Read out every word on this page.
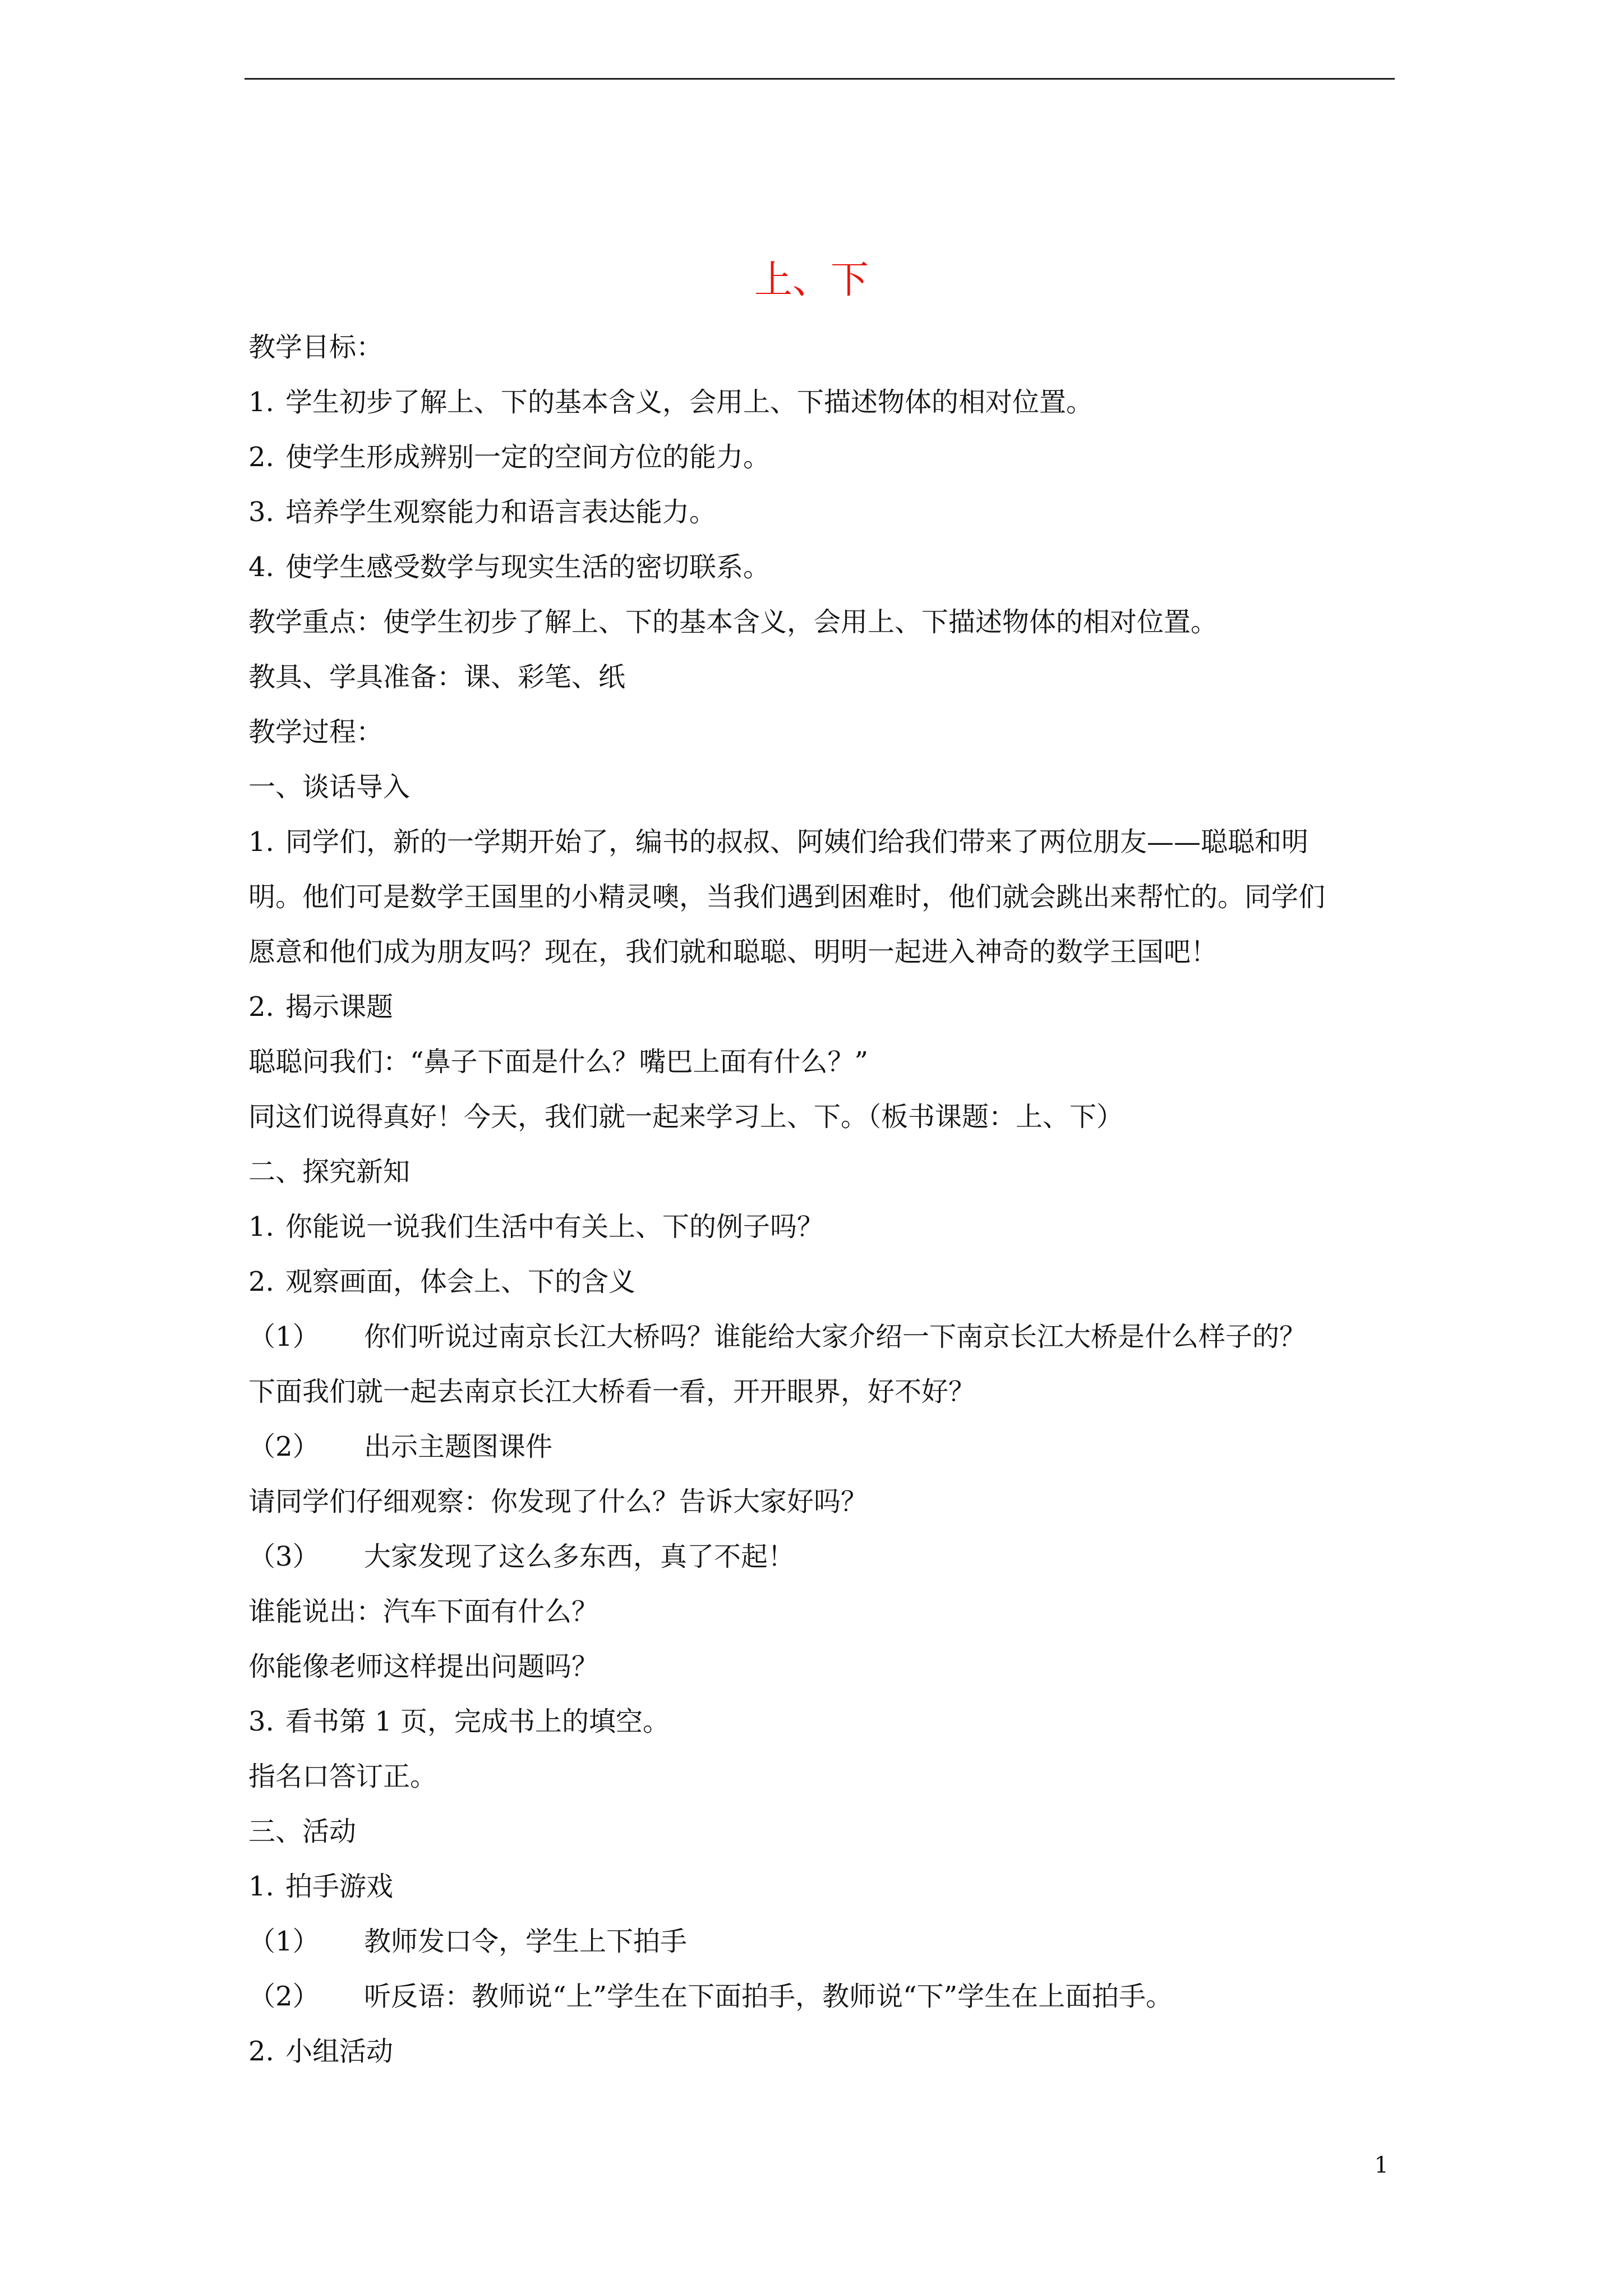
上、下
教学目标：
1. 学生初步了解上、下的基本含义，会用上、下描述物体的相对位置。
2. 使学生形成辨别一定的空间方位的能力。
3. 培养学生观察能力和语言表达能力。
4. 使学生感受数学与现实生活的密切联系。
教学重点：使学生初步了解上、下的基本含义，会用上、下描述物体的相对位置。
教具、学具准备：课、彩笔、纸
教学过程：
一、谈话导入
1. 同学们，新的一学期开始了，编书的叔叔、阿姨们给我们带来了两位朋友——聪聪和明
明。他们可是数学王国里的小精灵噢，当我们遇到困难时，他们就会跳出来帮忙的。同学们
愿意和他们成为朋友吗？现在，我们就和聪聪、明明一起进入神奇的数学王国吧！
2. 揭示课题
聪聪问我们：“鼻子下面是什么？嘴巴上面有什么？”
同这们说得真好！今天，我们就一起来学习上、下。（板书课题：上、下）
二、探究新知
1. 你能说一说我们生活中有关上、下的例子吗？
2. 观察画面，体会上、下的含义
（1） 你们听说过南京长江大桥吗？谁能给大家介绍一下南京长江大桥是什么样子的？
下面我们就一起去南京长江大桥看一看，开开眼界，好不好？
（2） 出示主题图课件
请同学们仔细观察：你发现了什么？告诉大家好吗？
（3） 大家发现了这么多东西，真了不起！
谁能说出：汽车下面有什么？
你能像老师这样提出问题吗？
3. 看书第 1 页，完成书上的填空。
指名口答订正。
三、活动
1. 拍手游戏
（1） 教师发口令，学生上下拍手
（2） 听反语：教师说“上”学生在下面拍手，教师说“下”学生在上面拍手。
2. 小组活动
1
